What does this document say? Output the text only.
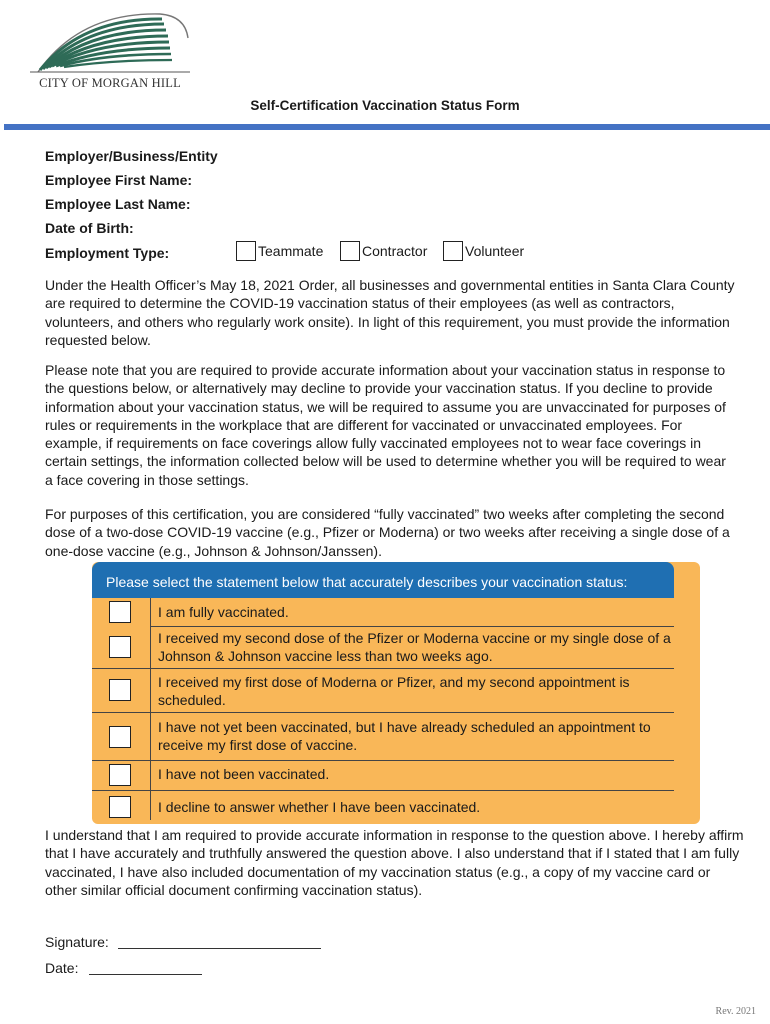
CITY OF MORGAN HILL
Self-Certification Vaccination Status Form
Employer/Business/Entity
Employee First Name:
Employee Last Name:
Date of Birth:
Employment Type:	Teammate	Contractor	Volunteer

Under the Health Officer’s May 18, 2021 Order, all businesses and governmental entities in Santa Clara County are required to determine the COVID-19 vaccination status of their employees (as well as contractors, volunteers, and others who regularly work onsite). In light of this requirement, you must provide the information requested below.

Please note that you are required to provide accurate information about your vaccination status in response to the questions below, or alternatively may decline to provide your vaccination status. If you decline to provide information about your vaccination status, we will be required to assume you are unvaccinated for purposes of rules or requirements in the workplace that are different for vaccinated or unvaccinated employees. For example, if requirements on face coverings allow fully vaccinated employees not to wear face coverings in certain settings, the information collected below will be used to determine whether you will be required to wear a face covering in those settings.

For purposes of this certification, you are considered “fully vaccinated” two weeks after completing the second dose of a two-dose COVID-19 vaccine (e.g., Pfizer or Moderna) or two weeks after receiving a single dose of a one-dose vaccine (e.g., Johnson & Johnson/Janssen).

Please select the statement below that accurately describes your vaccination status:
I am fully vaccinated.
I received my second dose of the Pfizer or Moderna vaccine or my single dose of a Johnson & Johnson vaccine less than two weeks ago.
I received my first dose of Moderna or Pfizer, and my second appointment is scheduled.
I have not yet been vaccinated, but I have already scheduled an appointment to receive my first dose of vaccine.
I have not been vaccinated.
I decline to answer whether I have been vaccinated.

I understand that I am required to provide accurate information in response to the question above. I hereby affirm that I have accurately and truthfully answered the question above. I also understand that if I stated that I am fully vaccinated, I have also included documentation of my vaccination status (e.g., a copy of my vaccine card or other similar official document confirming vaccination status).

Signature:
Date:
Rev. 2021
